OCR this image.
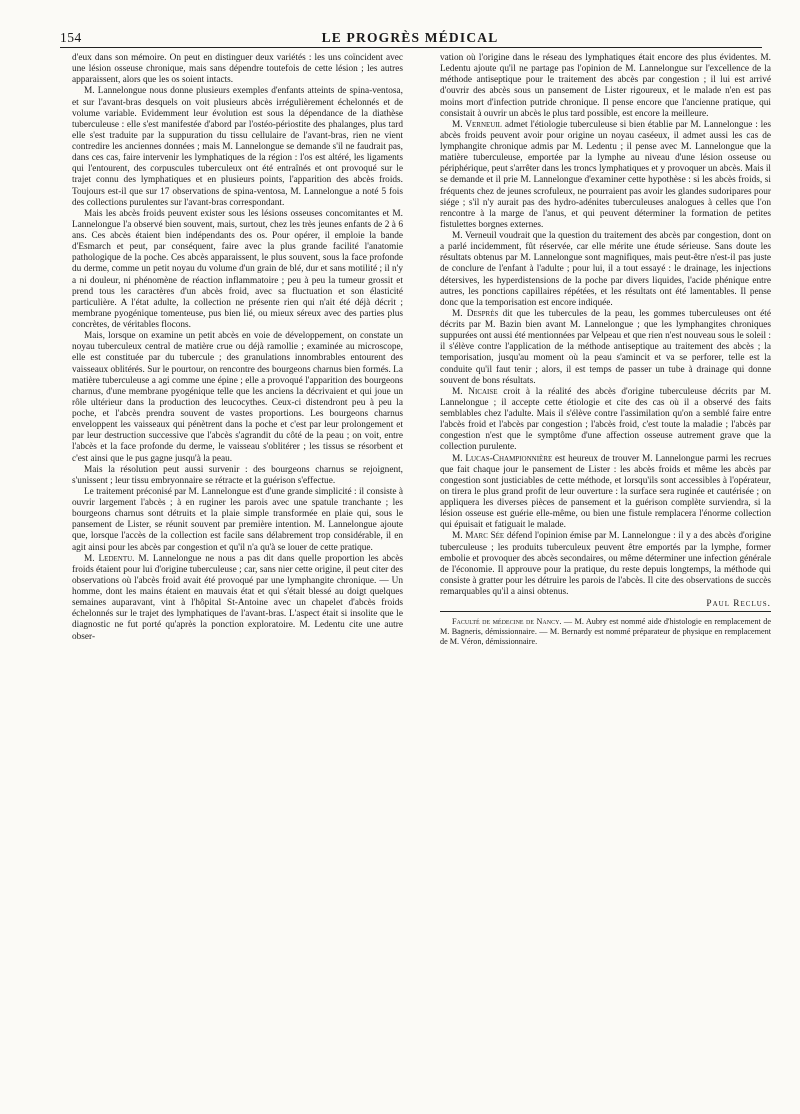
154	LE PROGRÈS MÉDICAL

d'eux dans son mémoire. On peut en distinguer deux variétés : les uns coïncident avec une lésion osseuse chronique, mais sans dépendre toutefois de cette lésion ; les autres apparaissent, alors que les os soient intacts.

M. Lannelongue nous donne plusieurs exemples d'enfants atteints de spina-ventosa, et sur l'avant-bras desquels on voit plusieurs abcès irrégulièrement échelonnés et de volume variable. Evidemment leur évolution est sous la dépendance de la diathèse tuberculeuse : elle s'est manifestée d'abord par l'ostéo-périostite des phalanges, plus tard elle s'est traduite par la suppuration du tissu cellulaire de l'avant-bras, rien ne vient contredire les anciennes données ; mais M. Lannelongue se demande s'il ne faudrait pas, dans ces cas, faire intervenir les lymphatiques de la région : l'os est altéré, les ligaments qui l'entourent, des corpuscules tuberculeux ont été entraînés et ont provoqué sur le trajet connu des lymphatiques et en plusieurs points, l'apparition des abcès froids. Toujours est-il que sur 17 observations de spina-ventosa, M. Lannelongue a noté 5 fois des collections purulentes sur l'avant-bras correspondant.

Mais les abcès froids peuvent exister sous les lésions osseuses concomitantes et M. Lannelongue l'a observé bien souvent, mais, surtout, chez les très jeunes enfants de 2 à 6 ans. Ces abcès étaient bien indépendants des os. Pour opérer, il emploie la bande d'Esmarch et peut, par conséquent, faire avec la plus grande facilité l'anatomie pathologique de la poche. Ces abcès apparaissent, le plus souvent, sous la face profonde du derme, comme un petit noyau du volume d'un grain de blé, dur et sans motilité ; il n'y a ni douleur, ni phénomène de réaction inflammatoire ; peu à peu la tumeur grossit et prend tous les caractères d'un abcès froid, avec sa fluctuation et son élasticité particulière. A l'état adulte, la collection ne présente rien qui n'ait été déjà décrit ; membrane pyogénique tomenteuse, pus bien lié, ou mieux séreux avec des parties plus concrètes, de véritables flocons.

Mais, lorsque on examine un petit abcès en voie de développement, on constate un noyau tuberculeux central de matière crue ou déjà ramollie ; examinée au microscope, elle est constituée par du tubercule ; des granulations innombrables entourent des vaisseaux oblitérés. Sur le pourtour, on rencontre des bourgeons charnus bien formés. La matière tuberculeuse a agi comme une épine ; elle a provoqué l'apparition des bourgeons charnus, d'une membrane pyogénique telle que les anciens la décrivaient et qui joue un rôle ultérieur dans la production des leucocythes. Ceux-ci distendront peu à peu la poche, et l'abcès prendra souvent de vastes proportions. Les bourgeons charnus enveloppent les vaisseaux qui pénètrent dans la poche et c'est par leur prolongement et par leur destruction successive que l'abcès s'agrandit du côté de la peau ; on voit, entre l'abcès et la face profonde du derme, le vaisseau s'oblitérer ; les tissus se résorbent et c'est ainsi que le pus gagne jusqu'à la peau.

Mais la résolution peut aussi survenir : des bourgeons charnus se rejoignent, s'unissent ; leur tissu embryonnaire se rétracte et la guérison s'effectue.

Le traitement préconisé par M. Lannelongue est d'une grande simplicité : il consiste à ouvrir largement l'abcès ; à en ruginer les parois avec une spatule tranchante ; les bourgeons charnus sont détruits et la plaie simple transformée en plaie qui, sous le pansement de Lister, se réunit souvent par première intention. M. Lannelongue ajoute que, lorsque l'accès de la collection est facile sans délabrement trop considérable, il en agit ainsi pour les abcès par congestion et qu'il n'a qu'à se louer de cette pratique.

M. Ledentu. M. Lannelongue ne nous a pas dit dans quelle proportion les abcès froids étaient pour lui d'origine tuberculeuse ; car, sans nier cette origine, il peut citer des observations où l'abcès froid avait été provoqué par une lymphangite chronique. — Un homme, dont les mains étaient en mauvais état et qui s'était blessé au doigt quelques semaines auparavant, vint à l'hôpital St-Antoine avec un chapelet d'abcès froids échelonnés sur le trajet des lymphatiques de l'avant-bras. L'aspect était si insolite que le diagnostic ne fut porté qu'après la ponction exploratoire. M. Ledentu cite une autre obser-

vation où l'origine dans le réseau des lymphatiques était encore des plus évidentes. M. Ledentu ajoute qu'il ne partage pas l'opinion de M. Lannelongue sur l'excellence de la méthode antiseptique pour le traitement des abcès par congestion ; il lui est arrivé d'ouvrir des abcès sous un pansement de Lister rigoureux, et le malade n'en est pas moins mort d'infection putride chronique. Il pense encore que l'ancienne pratique, qui consistait à ouvrir un abcès le plus tard possible, est encore la meilleure.

M. Verneuil admet l'étiologie tuberculeuse si bien établie par M. Lannelongue : les abcès froids peuvent avoir pour origine un noyau caséeux, il admet aussi les cas de lymphangite chronique admis par M. Ledentu ; il pense avec M. Lannelongue que la matière tuberculeuse, emportée par la lymphe au niveau d'une lésion osseuse ou périphérique, peut s'arrêter dans les troncs lymphatiques et y provoquer un abcès. Mais il se demande et il prie M. Lannelongue d'examiner cette hypothèse : si les abcès froids, si fréquents chez de jeunes scrofuleux, ne pourraient pas avoir les glandes sudoripares pour siége ; s'il n'y aurait pas des hydro-adénites tuberculeuses analogues à celles que l'on rencontre à la marge de l'anus, et qui peuvent déterminer la formation de petites fistulettes borgnes externes.

M. Verneuil voudrait que la question du traitement des abcès par congestion, dont on a parlé incidemment, fût réservée, car elle mérite une étude sérieuse. Sans doute les résultats obtenus par M. Lannelongue sont magnifiques, mais peut-être n'est-il pas juste de conclure de l'enfant à l'adulte ; pour lui, il a tout essayé : le drainage, les injections détersives, les hyperdistensions de la poche par divers liquides, l'acide phénique entre autres, les ponctions capillaires répétées, et les résultats ont été lamentables. Il pense donc que la temporisation est encore indiquée.

M. Desprès dit que les tubercules de la peau, les gommes tuberculeuses ont été décrits par M. Bazin bien avant M. Lannelongue ; que les lymphangites chroniques suppurées ont aussi été mentionnées par Velpeau et que rien n'est nouveau sous le soleil : il s'élève contre l'application de la méthode antiseptique au traitement des abcès ; la temporisation, jusqu'au moment où la peau s'amincit et va se perforer, telle est la conduite qu'il faut tenir ; alors, il est temps de passer un tube à drainage qui donne souvent de bons résultats.

M. Nicaise croit à la réalité des abcès d'origine tuberculeuse décrits par M. Lannelongue ; il accepte cette étiologie et cite des cas où il a observé des faits semblables chez l'adulte. Mais il s'élève contre l'assimilation qu'on a semblé faire entre l'abcès froid et l'abcès par congestion ; l'abcès froid, c'est toute la maladie ; l'abcès par congestion n'est que le symptôme d'une affection osseuse autrement grave que la collection purulente.

M. Lucas-Championnière est heureux de trouver M. Lannelongue parmi les recrues que fait chaque jour le pansement de Lister : les abcès froids et même les abcès par congestion sont justiciables de cette méthode, et lorsqu'ils sont accessibles à l'opérateur, on tirera le plus grand profit de leur ouverture : la surface sera ruginée et cautérisée ; on appliquera les diverses pièces de pansement et la guérison complète surviendra, si la lésion osseuse est guérie elle-même, ou bien une fistule remplacera l'énorme collection qui épuisait et fatiguait le malade.

M. Marc Sée défend l'opinion émise par M. Lannelongue : il y a des abcès d'origine tuberculeuse ; les produits tuberculeux peuvent être emportés par la lymphe, former embolie et provoquer des abcès secondaires, ou même déterminer une infection générale de l'économie. Il approuve pour la pratique, du reste depuis longtemps, la méthode qui consiste à gratter pour les détruire les parois de l'abcès. Il cite des observations de succès remarquables qu'il a ainsi obtenus.

Paul Reclus.

Faculté de médecine de Nancy. — M. Aubry est nommé aide d'histologie en remplacement de M. Bagneris, démissionnaire. — M. Bernardy est nommé préparateur de physique en remplacement de M. Véron, démissionnaire.
